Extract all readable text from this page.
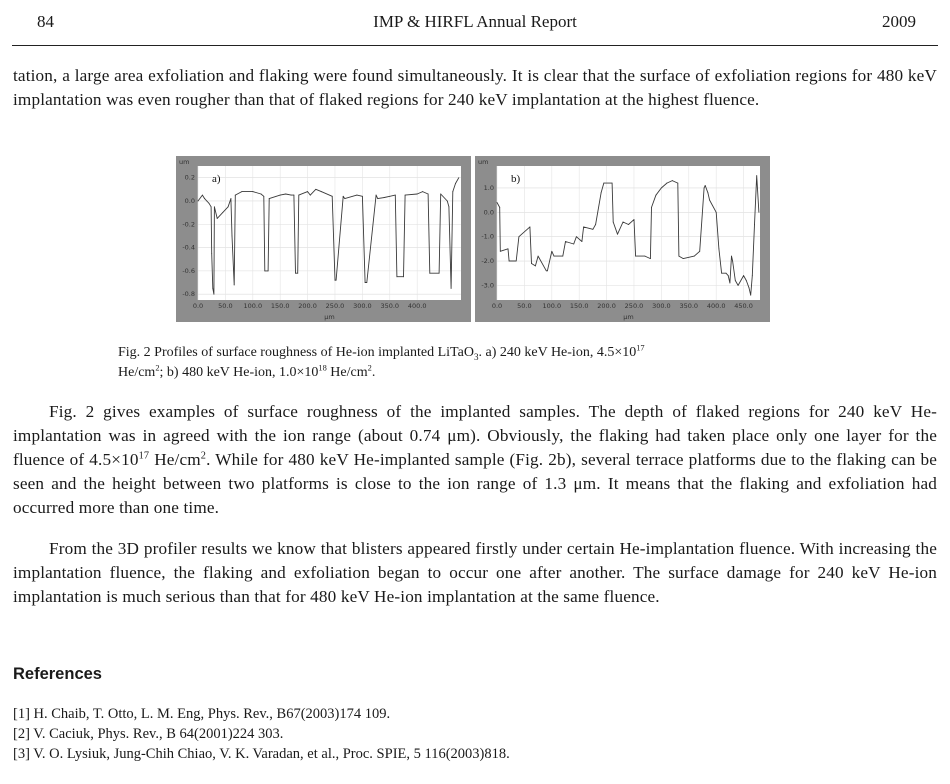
84	IMP & HIRFL Annual Report	2009

tation, a large area exfoliation and flaking were found simultaneously. It is clear that the surface of exfoliation regions for 480 keV implantation was even rougher than that of flaked regions for 240 keV implantation at the highest fluence.

0.2
0.0
-0.2
-0.4
-0.6
-0.8
0.0 50.0 100.0 150.0 200.0 250.0 300.0 350.0 400.0
um
μm
a)
1.0
0.0
-1.0
-2.0
-3.0
0.0 50.0 100.0 150.0 200.0 250.0 300.0 350.0 400.0 450.0
um
μm
b)

Fig. 2 Profiles of surface roughness of He-ion implanted LiTaO$_3$. a) 240 keV He-ion, $4.5\times 10^{17}$
$He/cm^2$; b) 480 keV He-ion, $1.0\times 10^{18}$ $He/cm^2$.

Fig. 2 gives examples of surface roughness of the implanted samples. The depth of flaked regions for 240 keV He-implantation was in agreed with the ion range (about 0.74 μm). Obviously, the flaking had taken place only one layer for the fluence of $4.5\times 10^{17}$ $He/cm^2$. While for 480 keV He-implanted sample (Fig. 2b), several terrace platforms due to the flaking can be seen and the height between two platforms is close to the ion range of 1.3 μm. It means that the flaking and exfoliation had occurred more than one time.

From the 3D profiler results we know that blisters appeared firstly under certain He-implantation fluence. With increasing the implantation fluence, the flaking and exfoliation began to occur one after another. The surface damage for 240 keV He-ion implantation is much serious than that for 480 keV He-ion implantation at the same fluence.

References
[1] H. Chaib, T. Otto, L. M. Eng, Phys. Rev., B67(2003)174 109.
[2] V. Caciuk, Phys. Rev., B 64(2001)224 303.
[3] V. O. Lysiuk, Jung-Chih Chiao, V. K. Varadan, et al., Proc. SPIE, 5 116(2003)818.
